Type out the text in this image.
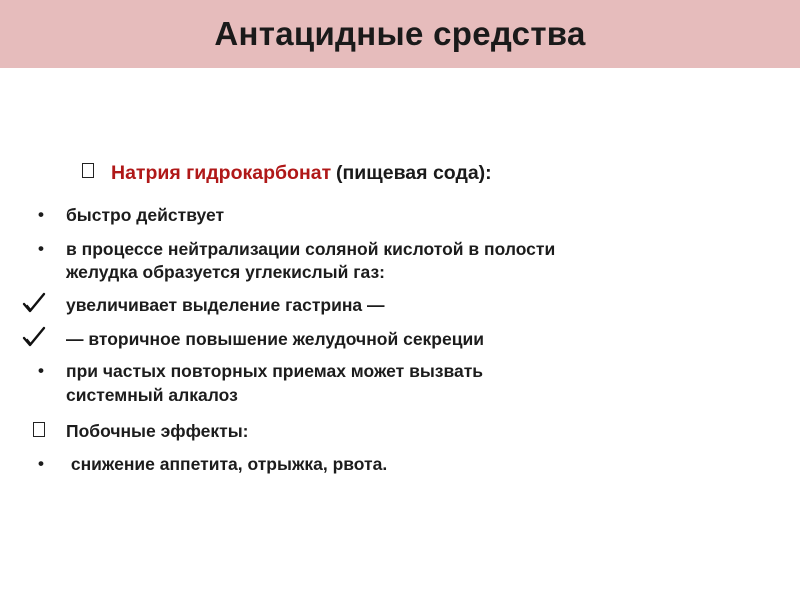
Антацидные средства
Натрия гидрокарбонат (пищевая сода):
• быстро действует
• в процессе нейтрализации соляной кислотой в полости
желудка образуется углекислый газ:
увеличивает выделение гастрина —
— вторичное повышение желудочной секреции
• при частых повторных приемах может вызвать
системный алкалоз
Побочные эффекты:
• снижение аппетита, отрыжка, рвота.
